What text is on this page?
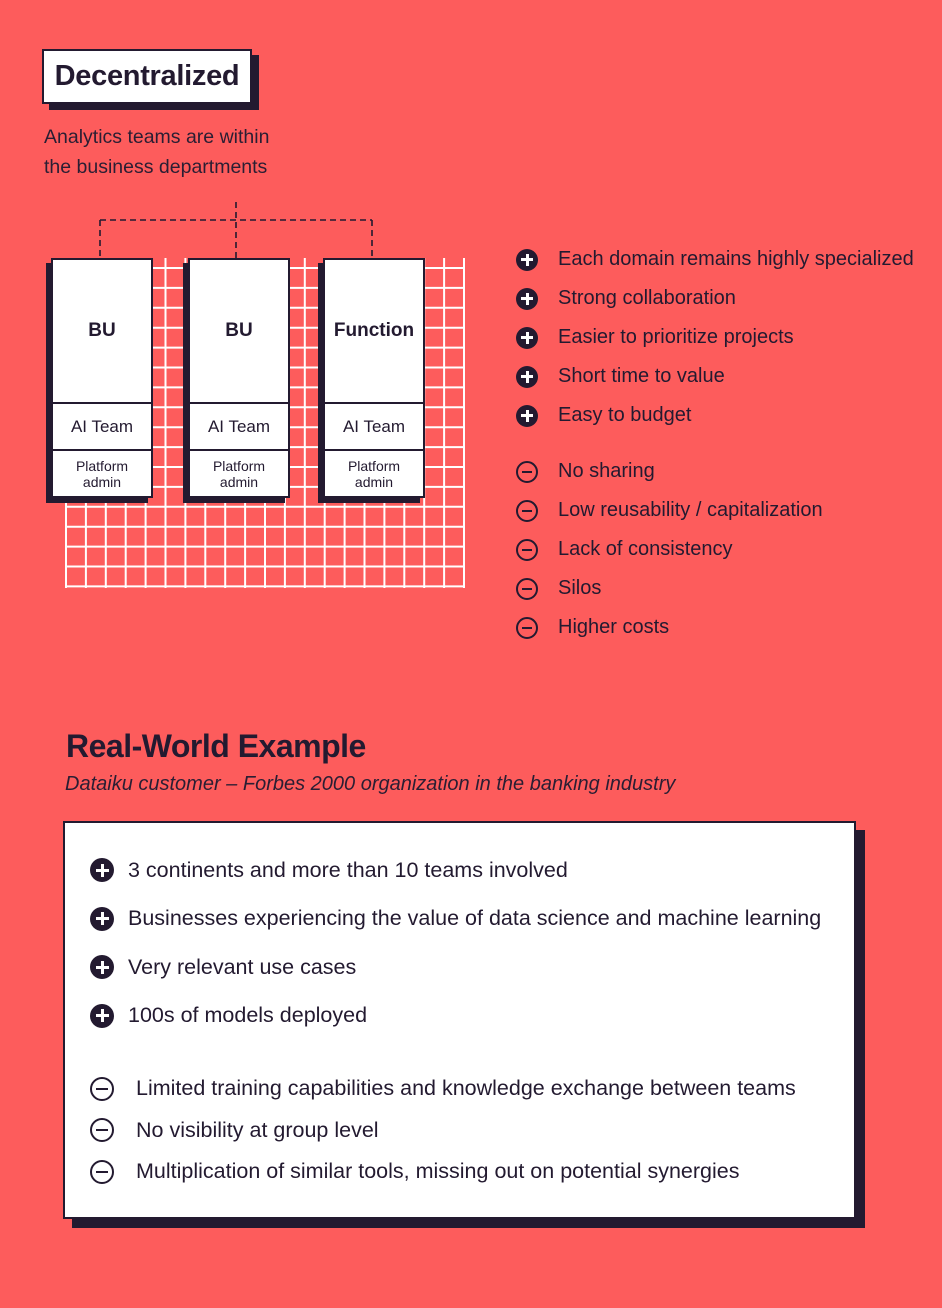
Decentralized
Analytics teams are within
the business departments
BU
AI Team
Platform
admin
BU
AI Team
Platform
admin
Function
AI Team
Platform
admin
Each domain remains highly specialized
Strong collaboration
Easier to prioritize projects
Short time to value
Easy to budget
No sharing
Low reusability / capitalization
Lack of consistency
Silos
Higher costs
Real-World Example
Dataiku customer – Forbes 2000 organization in the banking industry
3 continents and more than 10 teams involved
Businesses experiencing the value of data science and machine learning
Very relevant use cases
100s of models deployed
Limited training capabilities and knowledge exchange between teams
No visibility at group level
Multiplication of similar tools, missing out on potential synergies
